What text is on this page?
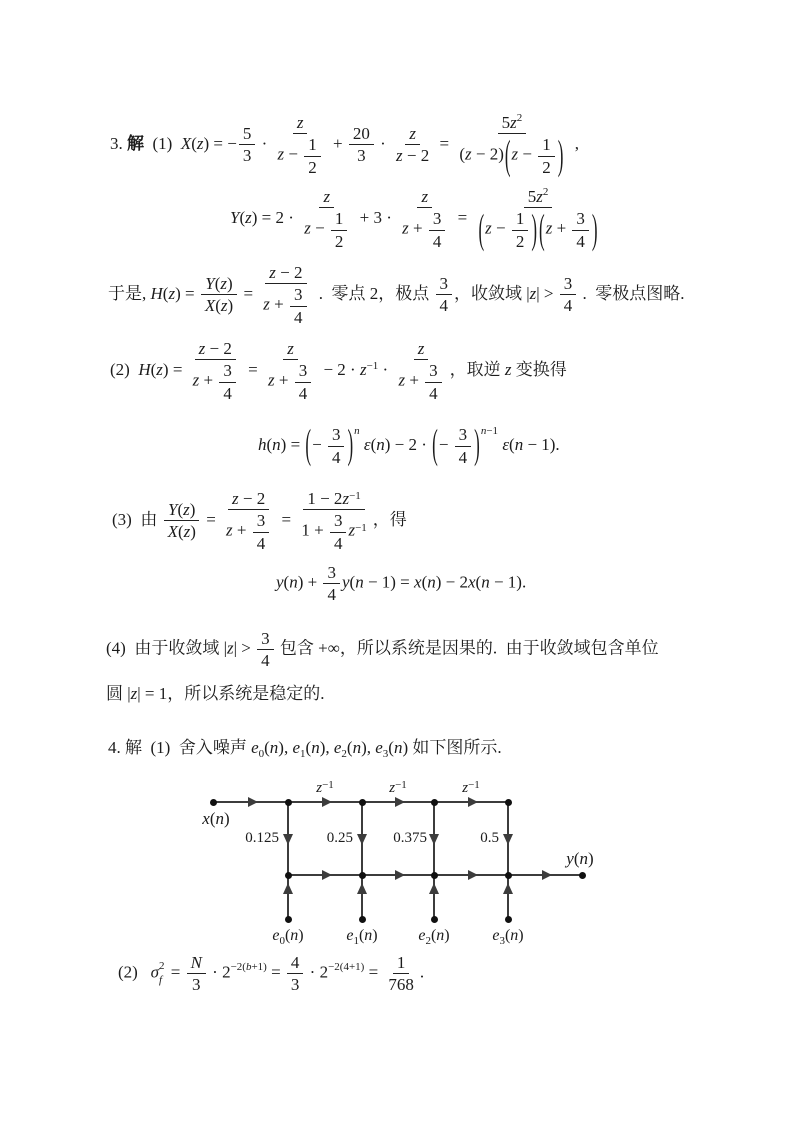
3. 解  (1)  X(z) = − $\frac{5}{3} \cdot \frac{z}{z - \frac{1}{2}} + \frac{20}{3} \cdot \frac{z}{z - 2} = \frac{5z2}{(z - 2)(z - \frac{1}{2} )}$ ,
$Y(z) = 2 \cdot \frac{z}{z - \frac{1}{2}} + 3 \cdot \frac{z}{z + \frac{3}{4}} = \frac{5z2}{(z - \frac{1}{2} ) (z + \frac{3}{4} )}$
于是, $H(z) = \frac{Y(z)}{X(z)} = \frac{z - 2}{z + \frac{3}{4}}$ .  零点 2，极点 $\frac{3}{4}$ ，收敛域 $|z| > \frac{3}{4}$ .  零极点图略.
(2)  $H(z) = \frac{z - 2}{z + \frac{3}{4}} = \frac{z}{z + \frac{3}{4}} - 2 \cdot z-1 \cdot \frac{z}{z + \frac{3}{4}}$ ，取逆 z 变换得
h(n) = (− $\frac{3}{4} )n$ ε(n) − 2 · (− $\frac{3}{4} )n-1$ ε(n − 1).
(3)  由 $\frac{Y(z)}{X(z)} = \frac{z - 2}{z + \frac{3}{4}} = \frac{1 - 2z-1}{1 + \frac{3}{4} z-1}$ ，得
$y(n) + \frac{3}{4} y(n - 1) = x(n) - 2x(n - 1)$.
(4)  由于收敛域 $|z| > \frac{3}{4}$ 包含 +∞，所以系统是因果的.  由于收敛域包含单位
圆 |z| = 1，所以系统是稳定的.
4. 解  (1)  舍入噪声 e0(n), e1(n), e2(n), e3(n) 如下图所示.
(2)   σ 2
$f = \frac{N}{3} \cdot 2-2(b+1) = \frac{4}{3} \cdot 2-2(4+1) = \frac{1}{768}$ .
x(n)
y(n)
z−1	z−1	z−1
0.125	0.25	0.375	0.5
e0(n)	e1(n)	e2(n)	e3(n)
